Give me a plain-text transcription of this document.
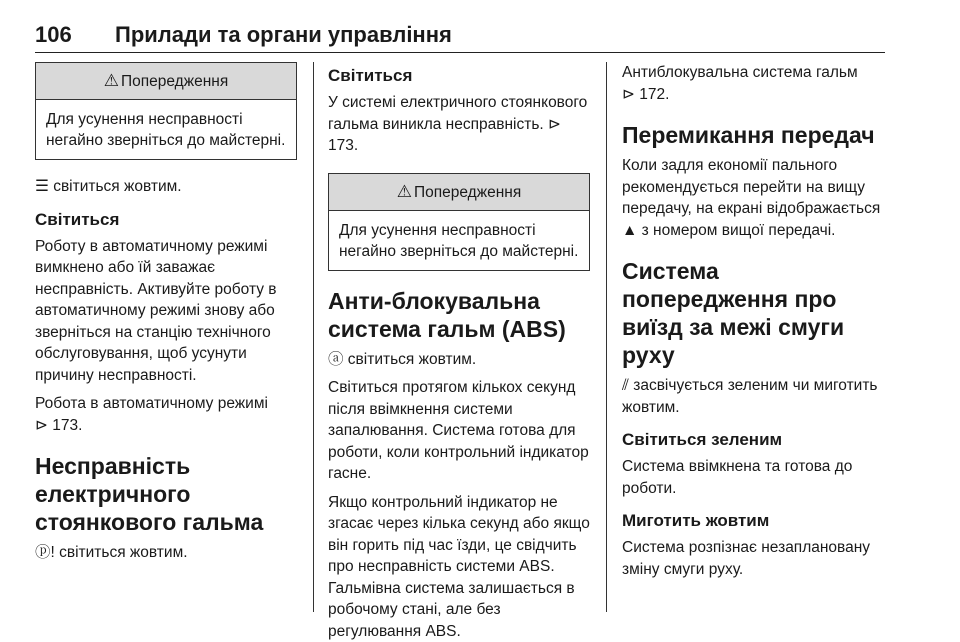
106 Прилади та органи управління
⚠ Попередження
Для усунення несправності негайно зверніться до майстерні.

☰ світиться жовтим.

Світиться

Роботу в автоматичному режимі вимкнено або їй заважає несправність. Активуйте роботу в автоматичному режимі знову або зверніться на станцію технічного обслуговування, щоб усунути причину несправності.

Робота в автоматичному режимі
⊳ 173.

Несправність електричного стоянкового гальма

ⓟ! світиться жовтим.

Світиться

У системі електричного стоянкового гальма виникла несправність. ⊳ 173.

⚠ Попередження
Для усунення несправності негайно зверніться до майстерні.
Анти-блокувальна система гальм (ABS)

ⓐ світиться жовтим.

Світиться протягом кількох секунд після ввімкнення системи запалювання. Система готова для роботи, коли контрольний індикатор гасне.

Якщо контрольний індикатор не згасає через кілька секунд або якщо він горить під час їзди, це свідчить про несправність системи ABS. Гальмівна система залишається в робочому стані, але без регулювання ABS.

Антиблокувальна система гальм
⊳ 172.

Перемикання передач

Коли задля економії пального рекомендується перейти на вищу передачу, на екрані відображається ▲ з номером вищої передачі.

Система попередження про виїзд за межі смуги руху

⫽ засвічується зеленим чи миготить жовтим.

Світиться зеленим

Система ввімкнена та готова до роботи.

Миготить жовтим

Система розпізнає незаплановану зміну смуги руху.
